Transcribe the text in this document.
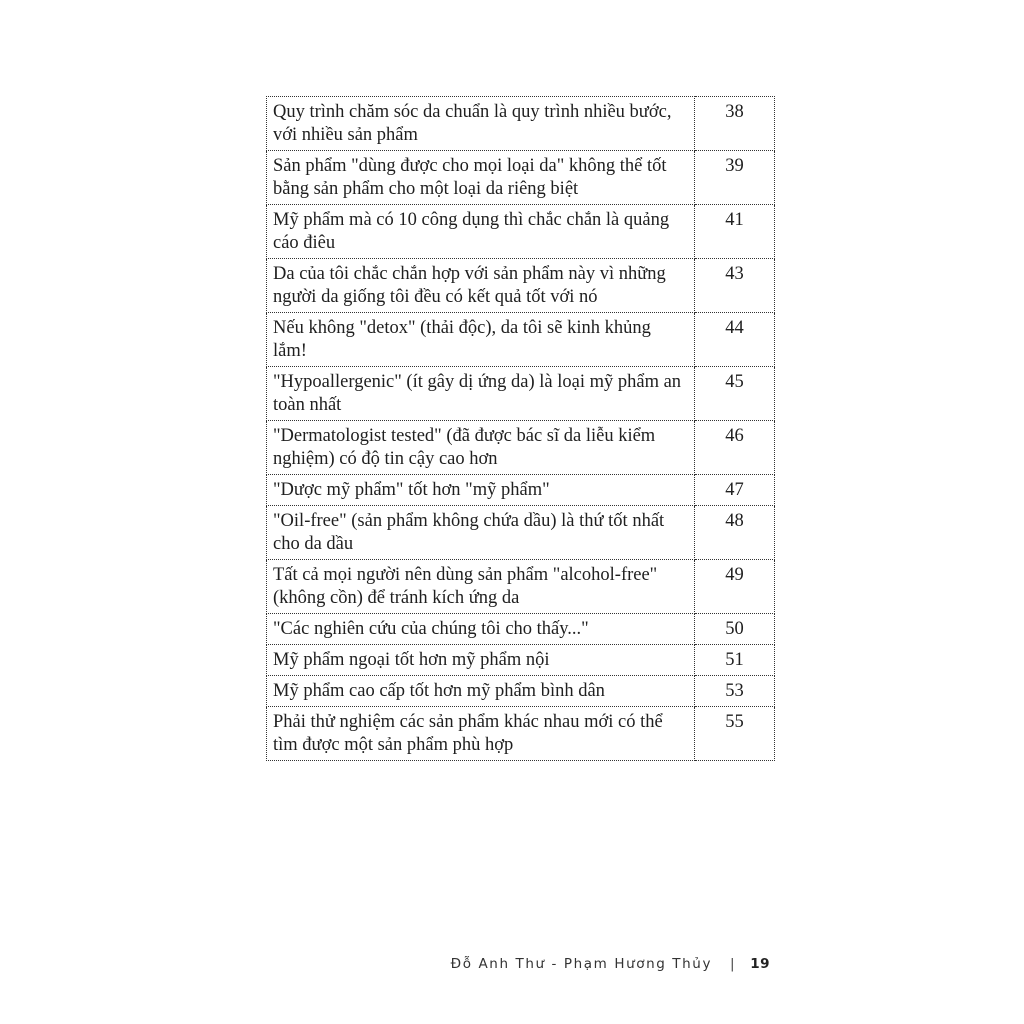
Quy trình chăm sóc da chuẩn là quy trình nhiều bước, với nhiều sản phẩm	38
Sản phẩm "dùng được cho mọi loại da" không thể tốt bằng sản phẩm cho một loại da riêng biệt	39
Mỹ phẩm mà có 10 công dụng thì chắc chắn là quảng cáo điêu	41
Da của tôi chắc chắn hợp với sản phẩm này vì những người da giống tôi đều có kết quả tốt với nó	43
Nếu không "detox" (thải độc), da tôi sẽ kinh khủng lắm!	44
"Hypoallergenic" (ít gây dị ứng da) là loại mỹ phẩm an toàn nhất	45
"Dermatologist tested" (đã được bác sĩ da liễu kiểm nghiệm) có độ tin cậy cao hơn	46
"Dược mỹ phẩm" tốt hơn "mỹ phẩm"	47
"Oil-free" (sản phẩm không chứa dầu) là thứ tốt nhất cho da dầu	48
Tất cả mọi người nên dùng sản phẩm "alcohol-free" (không cồn) để tránh kích ứng da	49
"Các nghiên cứu của chúng tôi cho thấy..."	50
Mỹ phẩm ngoại tốt hơn mỹ phẩm nội	51
Mỹ phẩm cao cấp tốt hơn mỹ phẩm bình dân	53
Phải thử nghiệm các sản phẩm khác nhau mới có thể tìm được một sản phẩm phù hợp	55
Đỗ Anh Thư - Phạm Hương Thủy | 19
